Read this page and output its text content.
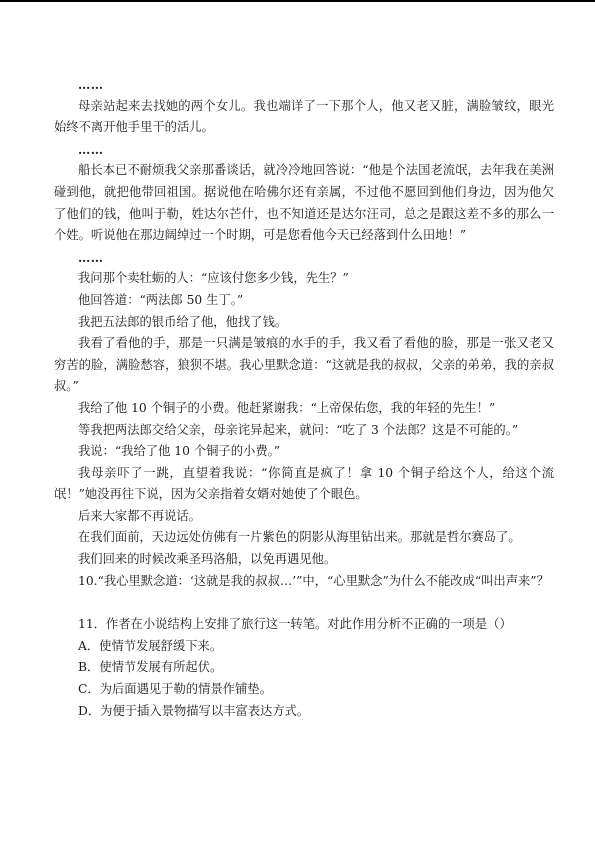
……

母亲站起来去找她的两个女儿。我也端详了一下那个人，他又老又脏，满脸皱纹，眼光始终不离开他手里干的活儿。

……

船长本已不耐烦我父亲那番谈话，就冷冷地回答说：“他是个法国老流氓，去年我在美洲碰到他，就把他带回祖国。据说他在哈佛尔还有亲属，不过他不愿回到他们身边，因为他欠了他们的钱，他叫于勒，姓达尔芒什，也不知道还是达尔汪司，总之是跟这差不多的那么一个姓。听说他在那边阔绰过一个时期，可是您看他今天已经落到什么田地！”

……

我问那个卖牡蛎的人：“应该付您多少钱，先生？”

他回答道：“两法郎 50 生丁。”

我把五法郎的银币给了他，他找了钱。

我看了看他的手，那是一只满是皱痕的水手的手，我又看了看他的脸，那是一张又老又穷苦的脸，满脸愁容，狼狈不堪。我心里默念道：“这就是我的叔叔，父亲的弟弟，我的亲叔叔。”

我给了他 10 个铜子的小费。他赶紧谢我：“上帝保佑您，我的年轻的先生！”

等我把两法郎交给父亲，母亲诧异起来，就问：“吃了 3 个法郎？这是不可能的。”

我说：“我给了他 10 个铜子的小费。”

我母亲吓了一跳，直望着我说：“你简直是疯了！拿 10 个铜子给这个人，给这个流氓！”她没再往下说，因为父亲指着女婿对她使了个眼色。

后来大家都不再说话。

在我们面前，天边远处仿佛有一片紫色的阴影从海里钻出来。那就是哲尔赛岛了。

我们回来的时候改乘圣玛洛船，以免再遇见他。

10.“我心里默念道：‘这就是我的叔叔…’”中，“心里默念”为什么不能改成“叫出声来”？

11．作者在小说结构上安排了旅行这一转笔。对此作用分析不正确的一项是（）

A．使情节发展舒缓下来。

B．使情节发展有所起伏。

C．为后面遇见于勒的情景作铺垫。

D．为便于插入景物描写以丰富表达方式。
